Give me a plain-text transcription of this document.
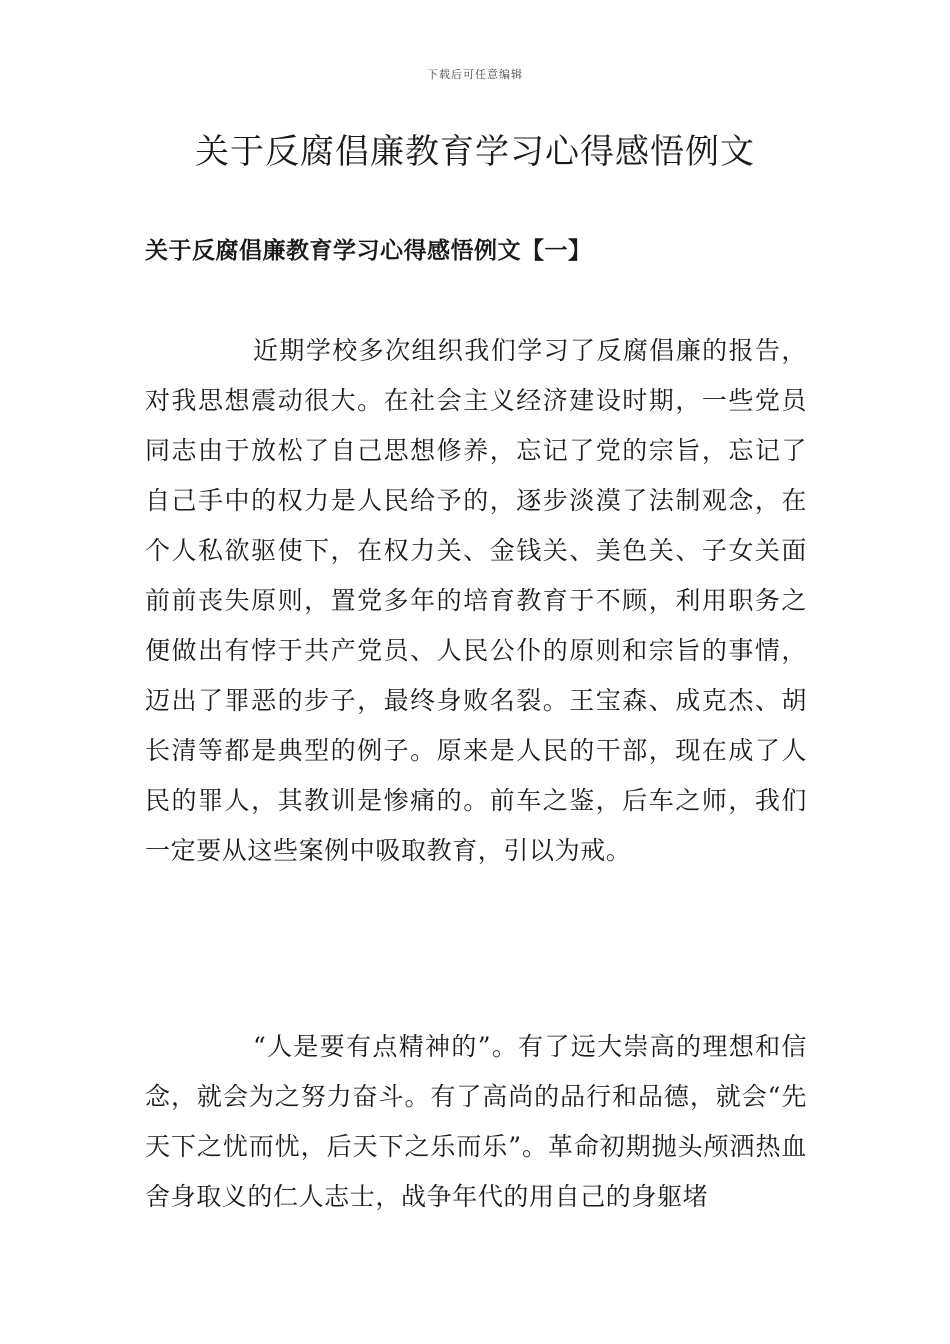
下载后可任意编辑
关于反腐倡廉教育学习心得感悟例文
关于反腐倡廉教育学习心得感悟例文【一】

近期学校多次组织我们学习了反腐倡廉的报告，对我思想震动很大。在社会主义经济建设时期，一些党员同志由于放松了自己思想修养，忘记了党的宗旨，忘记了自己手中的权力是人民给予的，逐步淡漠了法制观念，在个人私欲驱使下，在权力关、金钱关、美色关、子女关面前前丧失原则，置党多年的培育教育于不顾，利用职务之便做出有悖于共产党员、人民公仆的原则和宗旨的事情，迈出了罪恶的步子，最终身败名裂。王宝森、成克杰、胡长清等都是典型的例子。原来是人民的干部，现在成了人民的罪人，其教训是惨痛的。前车之鉴，后车之师，我们一定要从这些案例中吸取教育，引以为戒。

“人是要有点精神的”。有了远大崇高的理想和信念，就会为之努力奋斗。有了高尚的品行和品德，就会“先天下之忧而忧，后天下之乐而乐”。革命初期抛头颅洒热血舍身取义的仁人志士，战争年代的用自己的身躯堵
